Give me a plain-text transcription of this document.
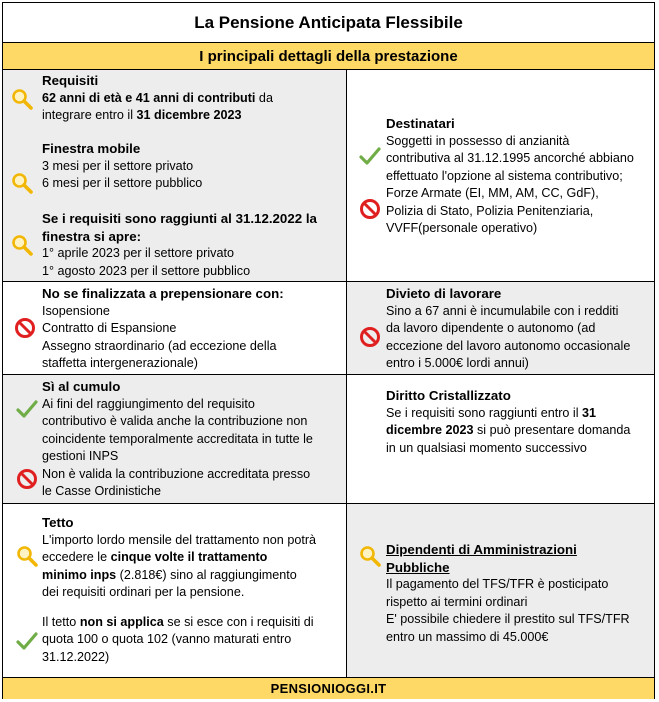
La Pensione Anticipata Flessibile
I principali dettagli della prestazione
Requisiti
62 anni di età e 41 anni di contributi da
integrare entro il 31 dicembre 2023
Finestra mobile
3 mesi per il settore privato
6 mesi per il settore pubblico
Se i requisiti sono raggiunti al 31.12.2022 la
finestra si apre:
1° aprile 2023 per il settore privato
1° agosto 2023 per il settore pubblico
Destinatari
Soggetti in possesso di anzianità
contributiva al 31.12.1995 ancorché abbiano
effettuato l'opzione al sistema contributivo;
Forze Armate (EI, MM, AM, CC, GdF),
Polizia di Stato, Polizia Penitenziaria,
VVFF(personale operativo)
No se finalizzata a prepensionare con:
Isopensione
Contratto di Espansione
Assegno straordinario (ad eccezione della
staffetta intergenerazionale)
Divieto di lavorare
Sino a 67 anni è incumulabile con i redditi
da lavoro dipendente o autonomo (ad
eccezione del lavoro autonomo occasionale
entro i 5.000€ lordi annui)
Sì al cumulo
Ai fini del raggiungimento del requisito
contributivo è valida anche la contribuzione non
coincidente temporalmente accreditata in tutte le
gestioni INPS
Non è valida la contribuzione accreditata presso
le Casse Ordinistiche
Diritto Cristallizzato
Se i requisiti sono raggiunti entro il 31
dicembre 2023 si può presentare domanda
in un qualsiasi momento successivo
Tetto
L'importo lordo mensile del trattamento non potrà
eccedere le cinque volte il trattamento
minimo inps (2.818€) sino al raggiungimento
dei requisiti ordinari per la pensione.
Il tetto non si applica se si esce con i requisiti di
quota 100 o quota 102 (vanno maturati entro
31.12.2022)
Dipendenti di Amministrazioni
Pubbliche
Il pagamento del TFS/TFR è posticipato
rispetto ai termini ordinari
E' possibile chiedere il prestito sul TFS/TFR
entro un massimo di 45.000€
PENSIONIOGGI.IT
